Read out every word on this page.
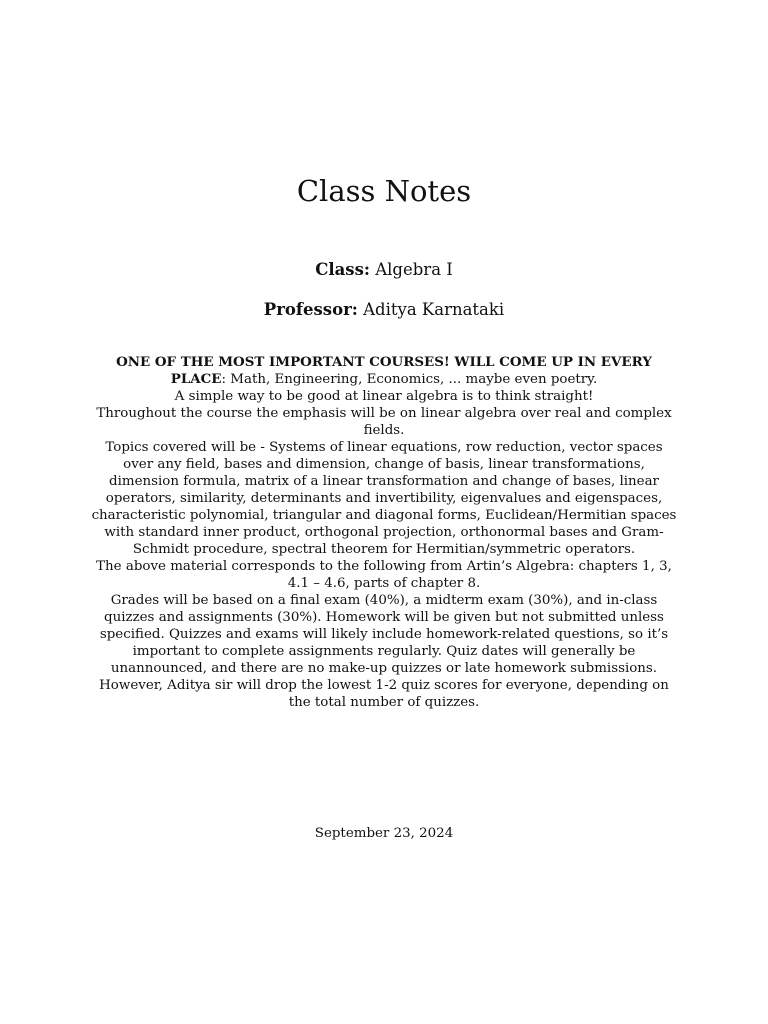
Class Notes
Class: Algebra I
Professor: Aditya Karnataki

ONE OF THE MOST IMPORTANT COURSES! WILL COME UP IN EVERY PLACE: Math, Engineering, Economics, ... maybe even poetry.

A simple way to be good at linear algebra is to think straight!

Throughout the course the emphasis will be on linear algebra over real and complex fields.

Topics covered will be - Systems of linear equations, row reduction, vector spaces over any field, bases and dimension, change of basis, linear transformations, dimension formula, matrix of a linear transformation and change of bases, linear operators, similarity, determinants and invertibility, eigenvalues and eigenspaces, characteristic polynomial, triangular and diagonal forms, Euclidean/Hermitian spaces with standard inner product, orthogonal projection, orthonormal bases and Gram-Schmidt procedure, spectral theorem for Hermitian/symmetric operators.

The above material corresponds to the following from Artin’s Algebra: chapters 1, 3, 4.1 – 4.6, parts of chapter 8.

Grades will be based on a final exam (40%), a midterm exam (30%), and in-class quizzes and assignments (30%). Homework will be given but not submitted unless specified. Quizzes and exams will likely include homework-related questions, so it’s important to complete assignments regularly. Quiz dates will generally be unannounced, and there are no make-up quizzes or late homework submissions. However, Aditya sir will drop the lowest 1-2 quiz scores for everyone, depending on the total number of quizzes.

September 23, 2024
